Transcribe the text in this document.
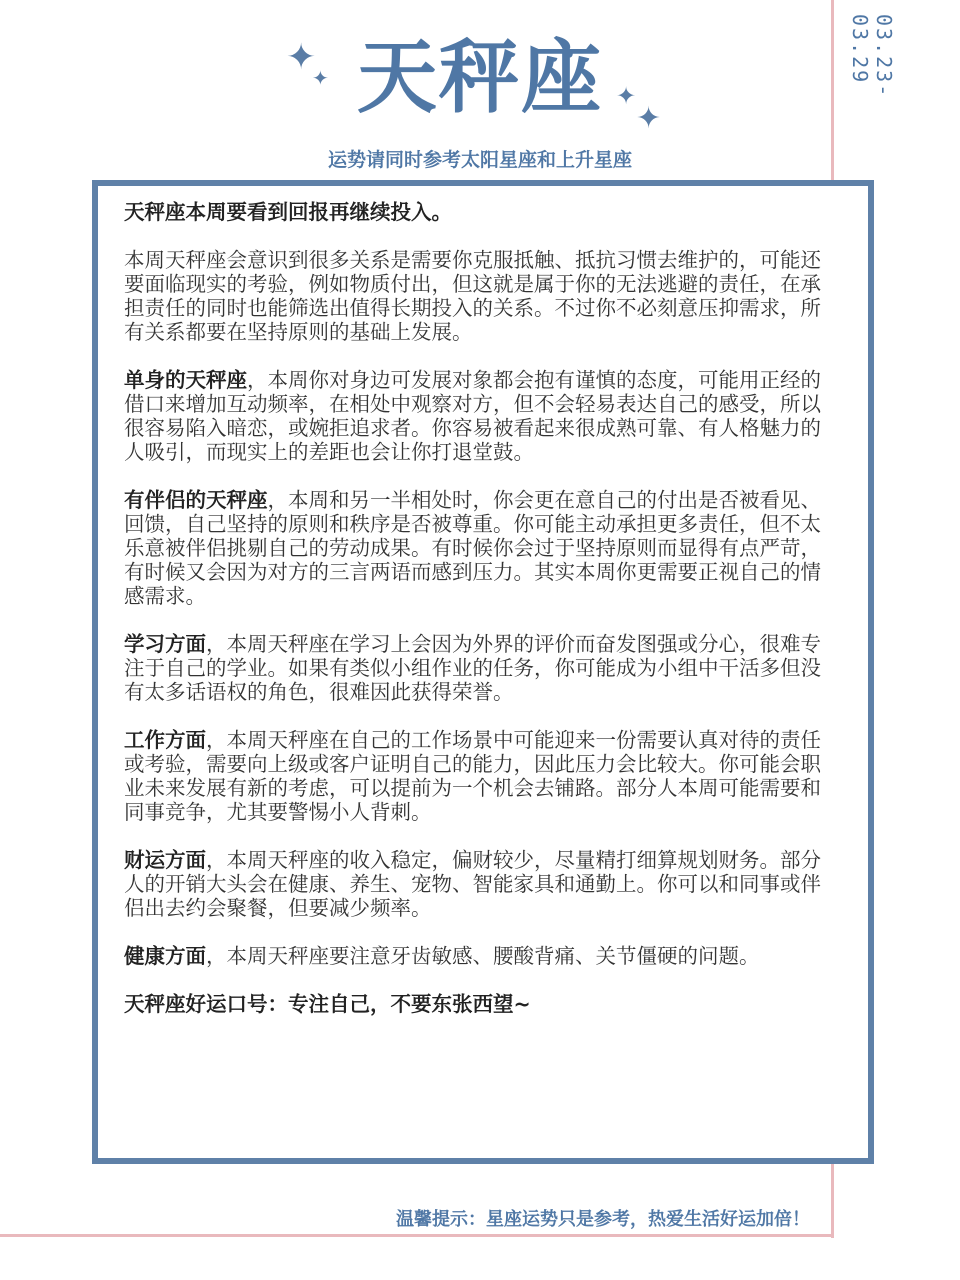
✦
✦
✦
✦
天秤座
运势请同时参考太阳星座和上升星座
03.23-03.29

天秤座本周要看到回报再继续投入。

本周天秤座会意识到很多关系是需要你克服抵触、抵抗习惯去维护的，可能还要面临现实的考验，例如物质付出，但这就是属于你的无法逃避的责任，在承担责任的同时也能筛选出值得长期投入的关系。不过你不必刻意压抑需求，所有关系都要在坚持原则的基础上发展。

单身的天秤座，本周你对身边可发展对象都会抱有谨慎的态度，可能用正经的借口来增加互动频率，在相处中观察对方，但不会轻易表达自己的感受，所以很容易陷入暗恋，或婉拒追求者。你容易被看起来很成熟可靠、有人格魅力的人吸引，而现实上的差距也会让你打退堂鼓。

有伴侣的天秤座，本周和另一半相处时，你会更在意自己的付出是否被看见、回馈，自己坚持的原则和秩序是否被尊重。你可能主动承担更多责任，但不太乐意被伴侣挑剔自己的劳动成果。有时候你会过于坚持原则而显得有点严苛，有时候又会因为对方的三言两语而感到压力。其实本周你更需要正视自己的情感需求。

学习方面，本周天秤座在学习上会因为外界的评价而奋发图强或分心，很难专注于自己的学业。如果有类似小组作业的任务，你可能成为小组中干活多但没有太多话语权的角色，很难因此获得荣誉。

工作方面，本周天秤座在自己的工作场景中可能迎来一份需要认真对待的责任或考验，需要向上级或客户证明自己的能力，因此压力会比较大。你可能会职业未来发展有新的考虑，可以提前为一个机会去铺路。部分人本周可能需要和同事竞争，尤其要警惕小人背刺。

财运方面，本周天秤座的收入稳定，偏财较少，尽量精打细算规划财务。部分人的开销大头会在健康、养生、宠物、智能家具和通勤上。你可以和同事或伴侣出去约会聚餐，但要减少频率。

健康方面，本周天秤座要注意牙齿敏感、腰酸背痛、关节僵硬的问题。

天秤座好运口号：专注自己，不要东张西望~

温馨提示：星座运势只是参考，热爱生活好运加倍！
